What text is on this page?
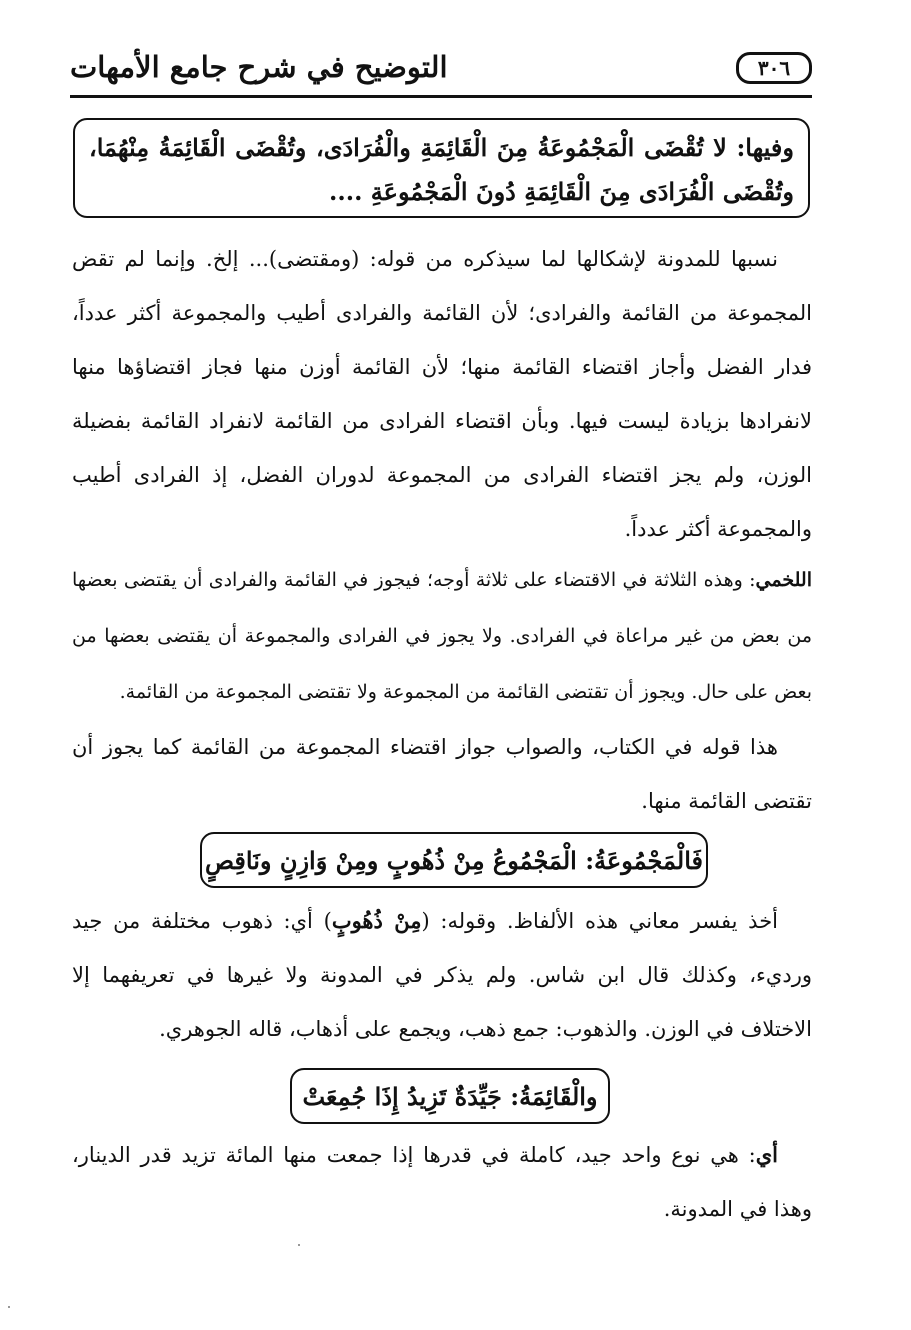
٣٠٦
التوضيح في شرح جامع الأمهات
وفيها: لا تُقْضَى الْمَجْمُوعَةُ مِنَ الْقَائِمَةِ والْفُرَادَى، وتُقْضَى الْقَائِمَةُ مِنْهُمَا، وتُقْضَى الْفُرَادَى مِنَ الْقَائِمَةِ دُونَ الْمَجْمُوعَةِ ....
نسبها للمدونة لإشكالها لما سيذكره من قوله: (ومقتضى)... إلخ. وإنما لم تقض المجموعة من القائمة والفرادى؛ لأن القائمة والفرادى أطيب والمجموعة أكثر عدداً، فدار الفضل وأجاز اقتضاء القائمة منها؛ لأن القائمة أوزن منها فجاز اقتضاؤها منها لانفرادها بزيادة ليست فيها. وبأن اقتضاء الفرادى من القائمة لانفراد القائمة بفضيلة الوزن، ولم يجز اقتضاء الفرادى من المجموعة لدوران الفضل، إذ الفرادى أطيب والمجموعة أكثر عدداً.
اللخمي: وهذه الثلاثة في الاقتضاء على ثلاثة أوجه؛ فيجوز في القائمة والفرادى أن يقتضى بعضها من بعض من غير مراعاة في الفرادى. ولا يجوز في الفرادى والمجموعة أن يقتضى بعضها من بعض على حال. ويجوز أن تقتضى القائمة من المجموعة ولا تقتضى المجموعة من القائمة.
هذا قوله في الكتاب، والصواب جواز اقتضاء المجموعة من القائمة كما يجوز أن تقتضى القائمة منها.
فَالْمَجْمُوعَةُ: الْمَجْمُوعُ مِنْ ذُهُوبٍ ومِنْ وَازِنٍ ونَاقِصٍ
أخذ يفسر معاني هذه الألفاظ. وقوله: (مِنْ ذُهُوبٍ) أي: ذهوب مختلفة من جيد ورديء، وكذلك قال ابن شاس. ولم يذكر في المدونة ولا غيرها في تعريفهما إلا الاختلاف في الوزن. والذهوب: جمع ذهب، ويجمع على أذهاب، قاله الجوهري.
والْقَائِمَةُ: جَيِّدَةٌ تَزِيدُ إِذَا جُمِعَتْ
أي: هي نوع واحد جيد، كاملة في قدرها إذا جمعت منها المائة تزيد قدر الدينار، وهذا في المدونة.
